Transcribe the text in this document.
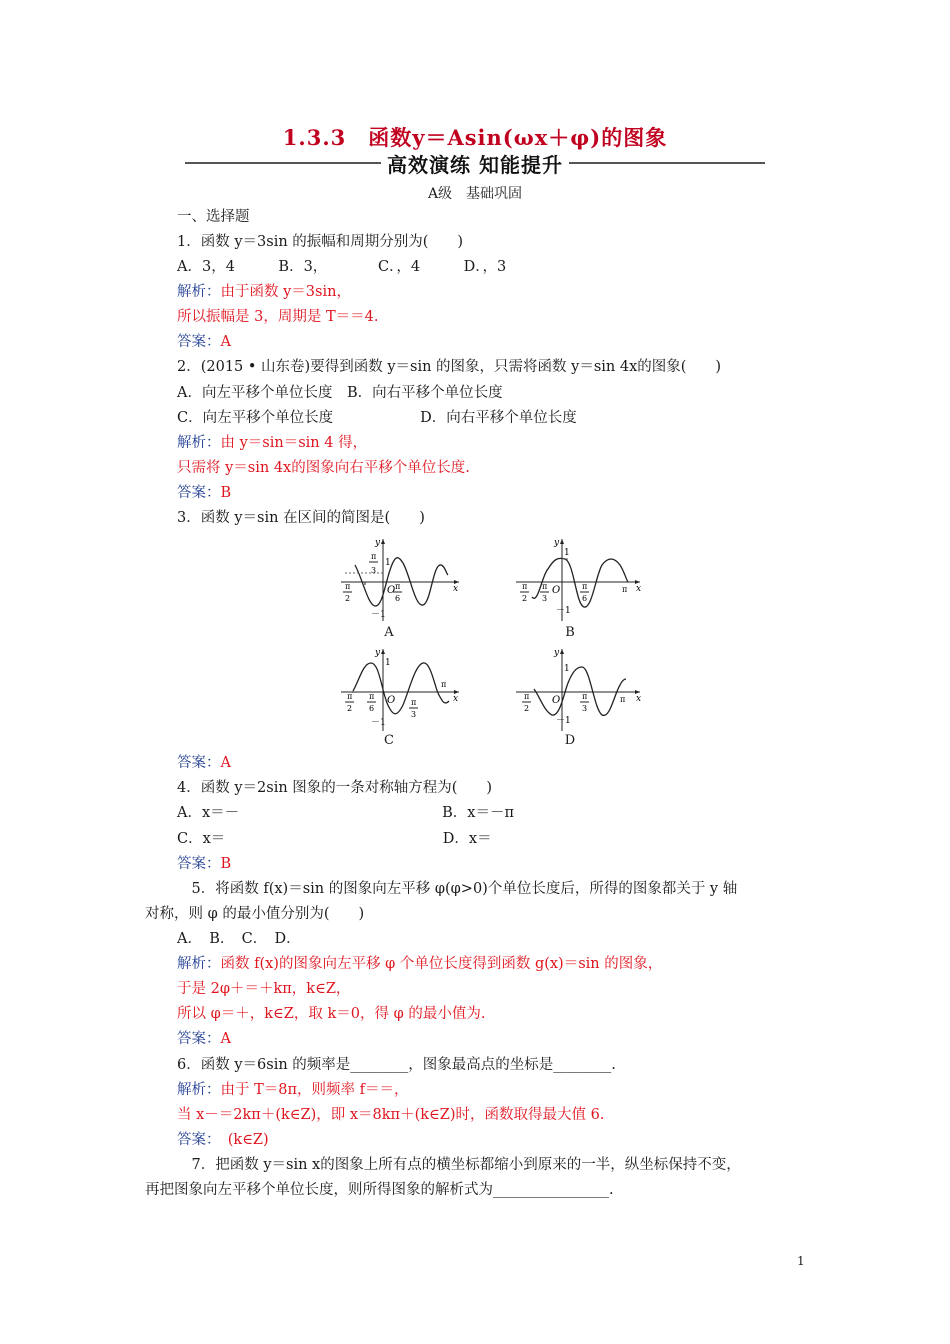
1.3.3　函数y＝Asin(ωx＋φ)的图象
高效演练 知能提升
A级　基础巩固
一、选择题
1．函数 y＝3sin 的振幅和周期分别为(　　)
A．3，4　　　B．3，　　　　C．，4　　　D．，3
解析：由于函数 y＝3sin，
所以振幅是 3，周期是 T＝＝4.
答案：A
2．(2015 • 山东卷)要得到函数 y＝sin 的图象，只需将函数 y＝sin 4x的图象(　　)
A．向左平移个单位长度　B．向右平移个单位长度
C．向左平移个单位长度　　　　　　D．向右平移个单位长度
解析：由 y＝sin＝sin 4 得，
只需将 y＝sin 4x的图象向右平移个单位长度.
答案：B
3．函数 y＝sin 在区间的简图是(　　)
y
x
O
1
－1
π
3
π
2
π
6
A
y
x
O
1
－1
π
2
π
3
π
6
π
B
y
x
O
1
－1
π
2
π
6
π
3
π
C
y
x
O
1
－1
π
2
π
3
π
D
答案：A
4．函数 y＝2sin 图象的一条对称轴方程为(　　)
A．x＝－　　　　　　　　　　　　　　B．x＝－π
C．x＝　　　　　　　　　　　　　　　D．x＝
答案：B
　5．将函数 f(x)＝sin 的图象向左平移 φ(φ>0)个单位长度后，所得的图象都关于 y 轴
对称，则 φ 的最小值分别为(　　)
A．　B．　C．　D．
解析：函数 f(x)的图象向左平移 φ 个单位长度得到函数 g(x)＝sin 的图象，
于是 2φ＋＝＋kπ，k∈Z，
所以 φ＝＋，k∈Z，取 k＝0，得 φ 的最小值为.
答案：A
6．函数 y＝6sin 的频率是________，图象最高点的坐标是________.
解析：由于 T＝8π，则频率 f＝＝，
当 x－＝2kπ＋(k∈Z)，即 x＝8kπ＋(k∈Z)时，函数取得最大值 6.
答案：　(k∈Z)
　7．把函数 y＝sin x的图象上所有点的横坐标都缩小到原来的一半，纵坐标保持不变，
再把图象向左平移个单位长度，则所得图象的解析式为________________.
1
